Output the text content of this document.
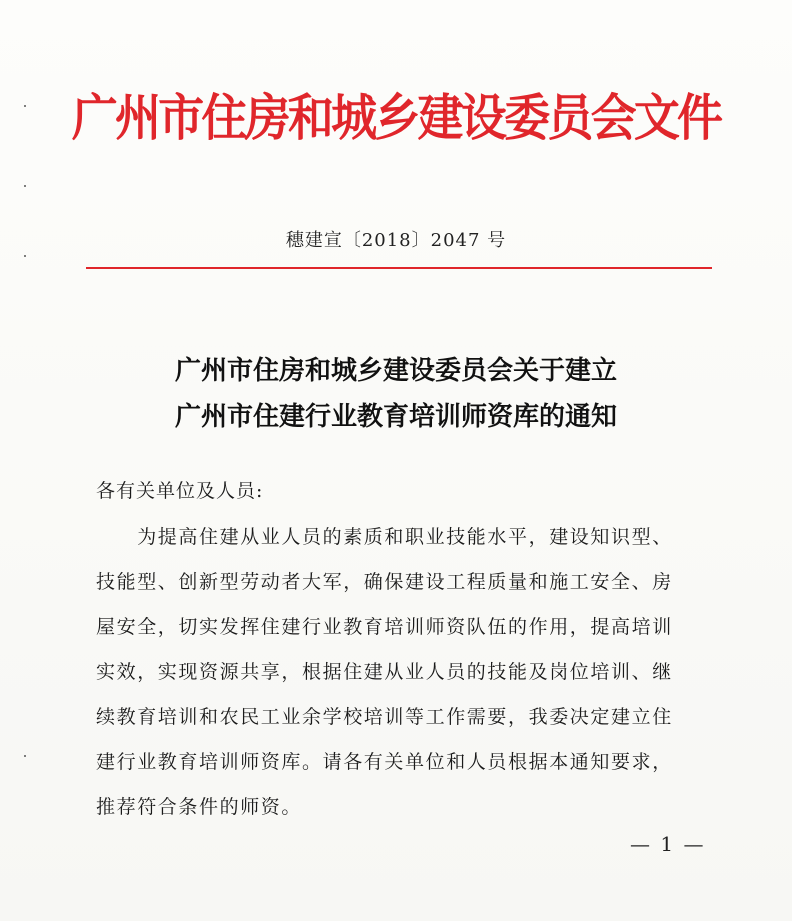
广州市住房和城乡建设委员会文件
穗建宣〔2018〕2047 号
广州市住房和城乡建设委员会关于建立
广州市住建行业教育培训师资库的通知
各有关单位及人员:
　　为提高住建从业人员的素质和职业技能水平，建设知识型、
技能型、创新型劳动者大军，确保建设工程质量和施工安全、房
屋安全，切实发挥住建行业教育培训师资队伍的作用，提高培训
实效，实现资源共享，根据住建从业人员的技能及岗位培训、继
续教育培训和农民工业余学校培训等工作需要，我委决定建立住
建行业教育培训师资库。请各有关单位和人员根据本通知要求，
推荐符合条件的师资。
— 1 —
